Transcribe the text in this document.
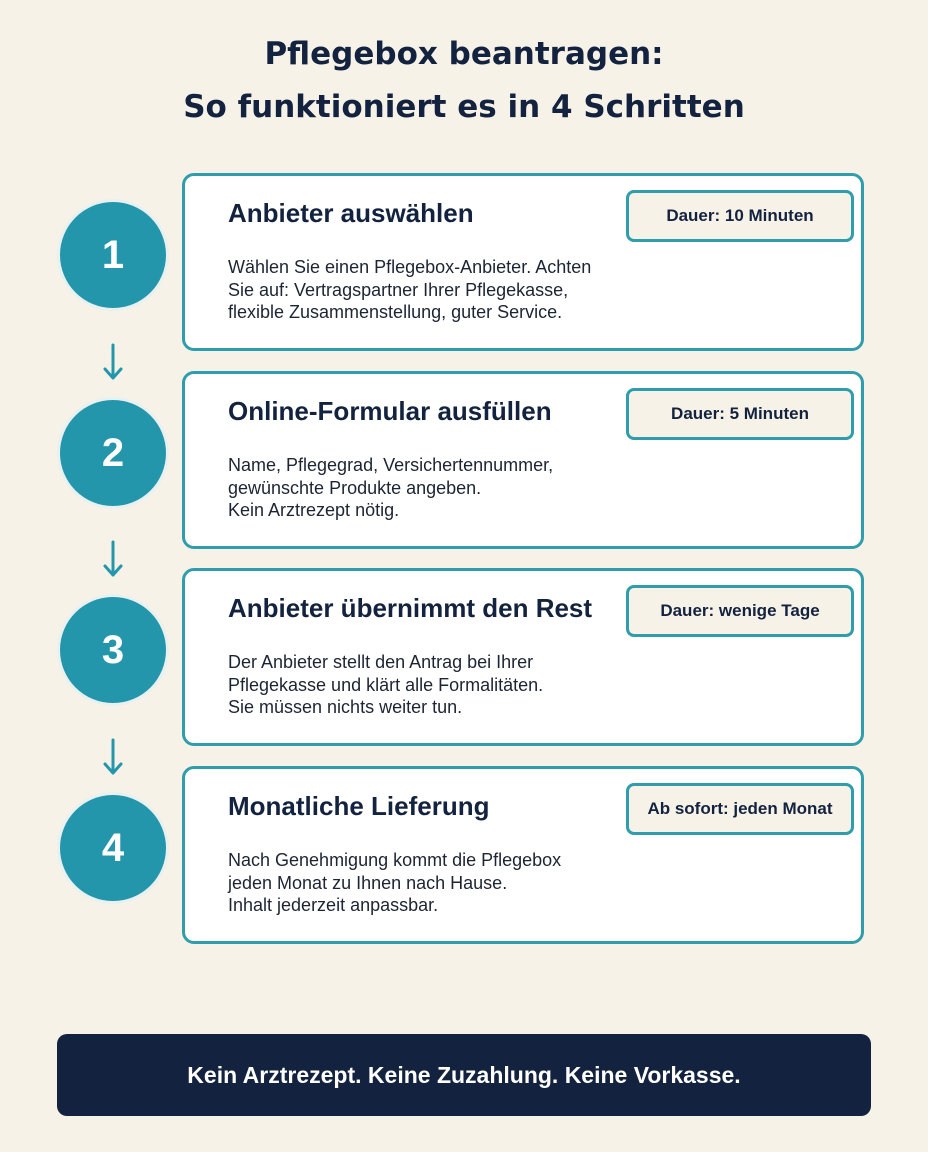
Pflegebox beantragen:
So funktioniert es in 4 Schritten
1
Anbieter auswählen	Dauer: 10 Minuten
Wählen Sie einen Pflegebox-Anbieter. Achten
Sie auf: Vertragspartner Ihrer Pflegekasse,
flexible Zusammenstellung, guter Service.
2
Online-Formular ausfüllen	Dauer: 5 Minuten
Name, Pflegegrad, Versichertennummer,
gewünschte Produkte angeben.
Kein Arztrezept nötig.
3
Anbieter übernimmt den Rest	Dauer: wenige Tage
Der Anbieter stellt den Antrag bei Ihrer
Pflegekasse und klärt alle Formalitäten.
Sie müssen nichts weiter tun.
4
Monatliche Lieferung	Ab sofort: jeden Monat
Nach Genehmigung kommt die Pflegebox
jeden Monat zu Ihnen nach Hause.
Inhalt jederzeit anpassbar.
Kein Arztrezept. Keine Zuzahlung. Keine Vorkasse.
